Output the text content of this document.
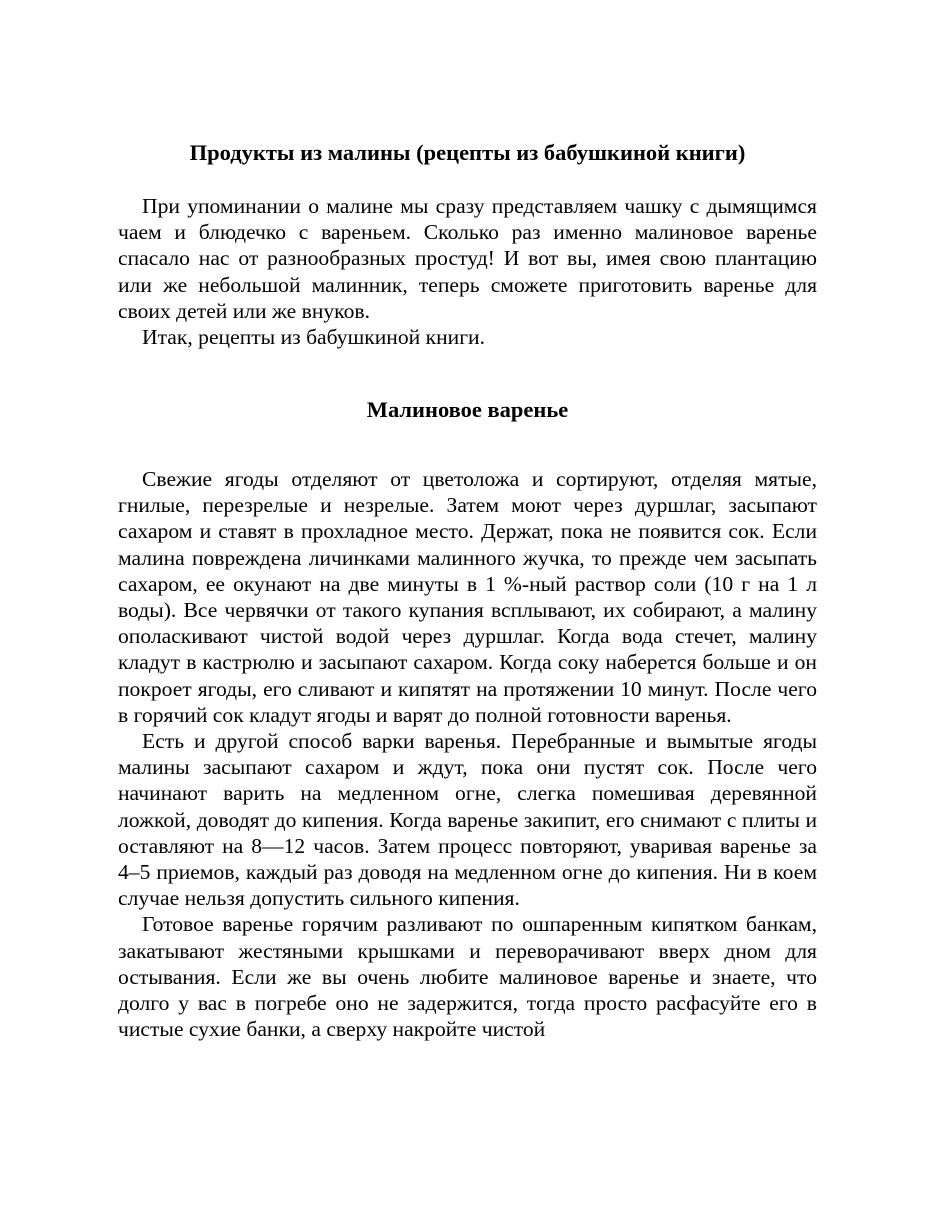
Продукты из малины (рецепты из бабушкиной книги)

При упоминании о малине мы сразу представляем чашку с дымящимся чаем и блюдечко с вареньем. Сколько раз именно малиновое варенье спасало нас от разнообразных простуд! И вот вы, имея свою плантацию или же небольшой малинник, теперь сможете приготовить варенье для своих детей или же внуков.

Итак, рецепты из бабушкиной книги.

Малиновое варенье

Свежие ягоды отделяют от цветоложа и сортируют, отделяя мятые, гнилые, перезрелые и незрелые. Затем моют через дуршлаг, засыпают сахаром и ставят в прохладное место. Держат, пока не появится сок. Если малина повреждена личинками малинного жучка, то прежде чем засыпать сахаром, ее окунают на две минуты в 1 %-ный раствор соли (10 г на 1 л воды). Все червячки от такого купания всплывают, их собирают, а малину ополаскивают чистой водой через дуршлаг. Когда вода стечет, малину кладут в кастрюлю и засыпают сахаром. Когда соку наберется больше и он покроет ягоды, его сливают и кипятят на протяжении 10 минут. После чего в горячий сок кладут ягоды и варят до полной готовности варенья.

Есть и другой способ варки варенья. Перебранные и вымытые ягоды малины засыпают сахаром и ждут, пока они пустят сок. После чего начинают варить на медленном огне, слегка помешивая деревянной ложкой, доводят до кипения. Когда варенье закипит, его снимают с плиты и оставляют на 8—12 часов. Затем процесс повторяют, уваривая варенье за 4–5 приемов, каждый раз доводя на медленном огне до кипения. Ни в коем случае нельзя допустить сильного кипения.

Готовое варенье горячим разливают по ошпаренным кипятком банкам, закатывают жестяными крышками и переворачивают вверх дном для остывания. Если же вы очень любите малиновое варенье и знаете, что долго у вас в погребе оно не задержится, тогда просто расфасуйте его в чистые сухие банки, а сверху накройте чистой
